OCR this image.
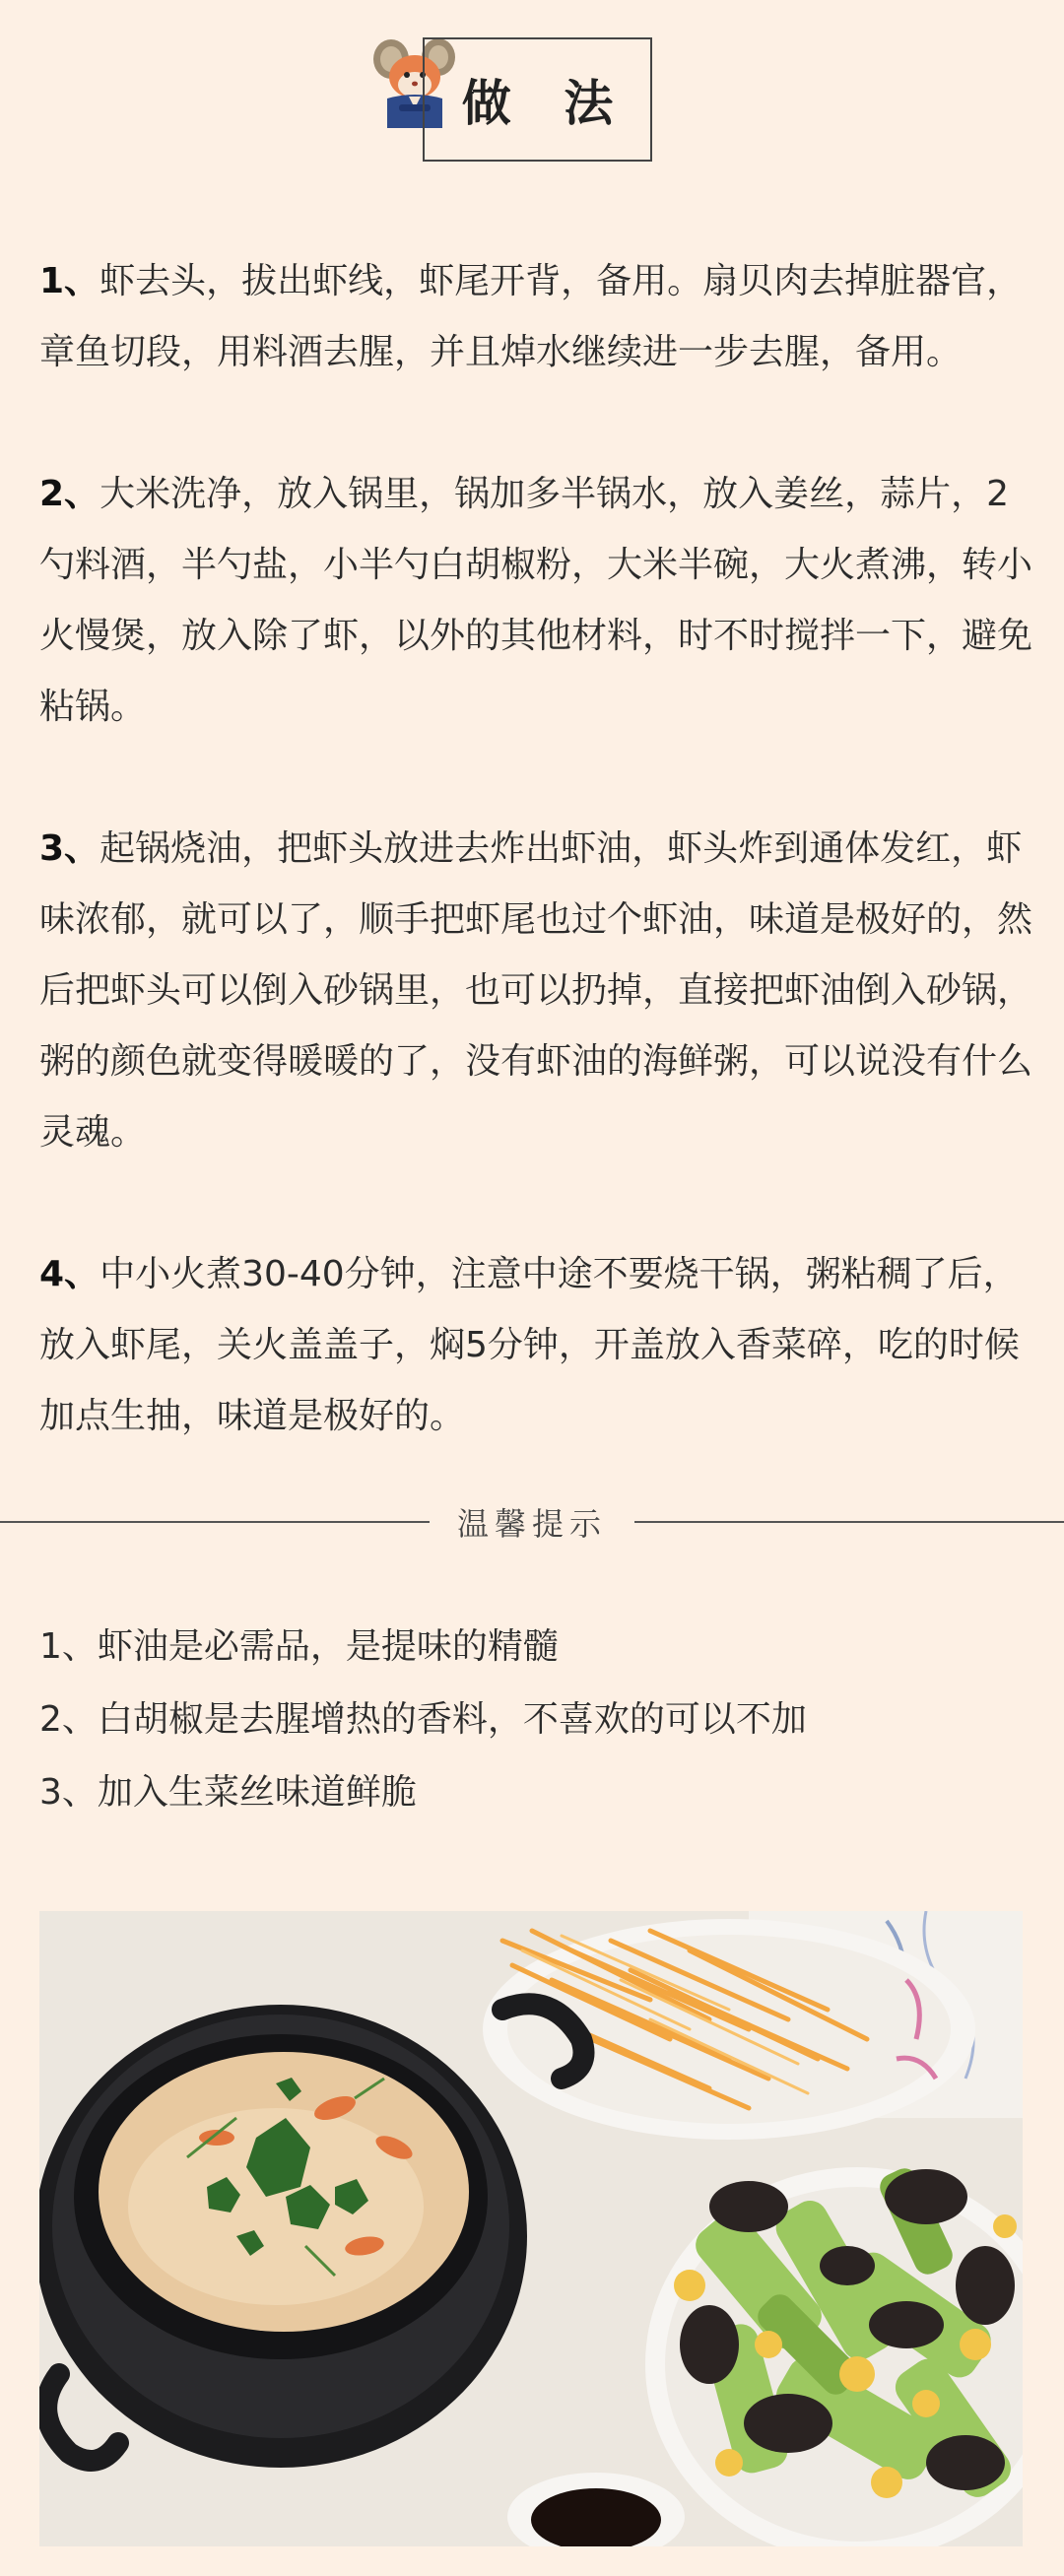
做 法

1、虾去头，拔出虾线，虾尾开背，备用。扇贝肉去掉脏器官，章鱼切段，用料酒去腥，并且焯水继续进一步去腥，备用。

2、大米洗净，放入锅里，锅加多半锅水，放入姜丝，蒜片，2勺料酒，半勺盐，小半勺白胡椒粉，大米半碗，大火煮沸，转小火慢煲，放入除了虾，以外的其他材料，时不时搅拌一下，避免粘锅。

3、起锅烧油，把虾头放进去炸出虾油，虾头炸到通体发红，虾味浓郁，就可以了，顺手把虾尾也过个虾油，味道是极好的，然后把虾头可以倒入砂锅里，也可以扔掉，直接把虾油倒入砂锅，粥的颜色就变得暖暖的了，没有虾油的海鲜粥，可以说没有什么灵魂。

4、中小火煮30-40分钟，注意中途不要烧干锅，粥粘稠了后，放入虾尾，关火盖盖子，焖5分钟，开盖放入香菜碎，吃的时候加点生抽，味道是极好的。

温馨提示
1、虾油是必需品，是提味的精髓
2、白胡椒是去腥增热的香料，不喜欢的可以不加
3、加入生菜丝味道鲜脆
